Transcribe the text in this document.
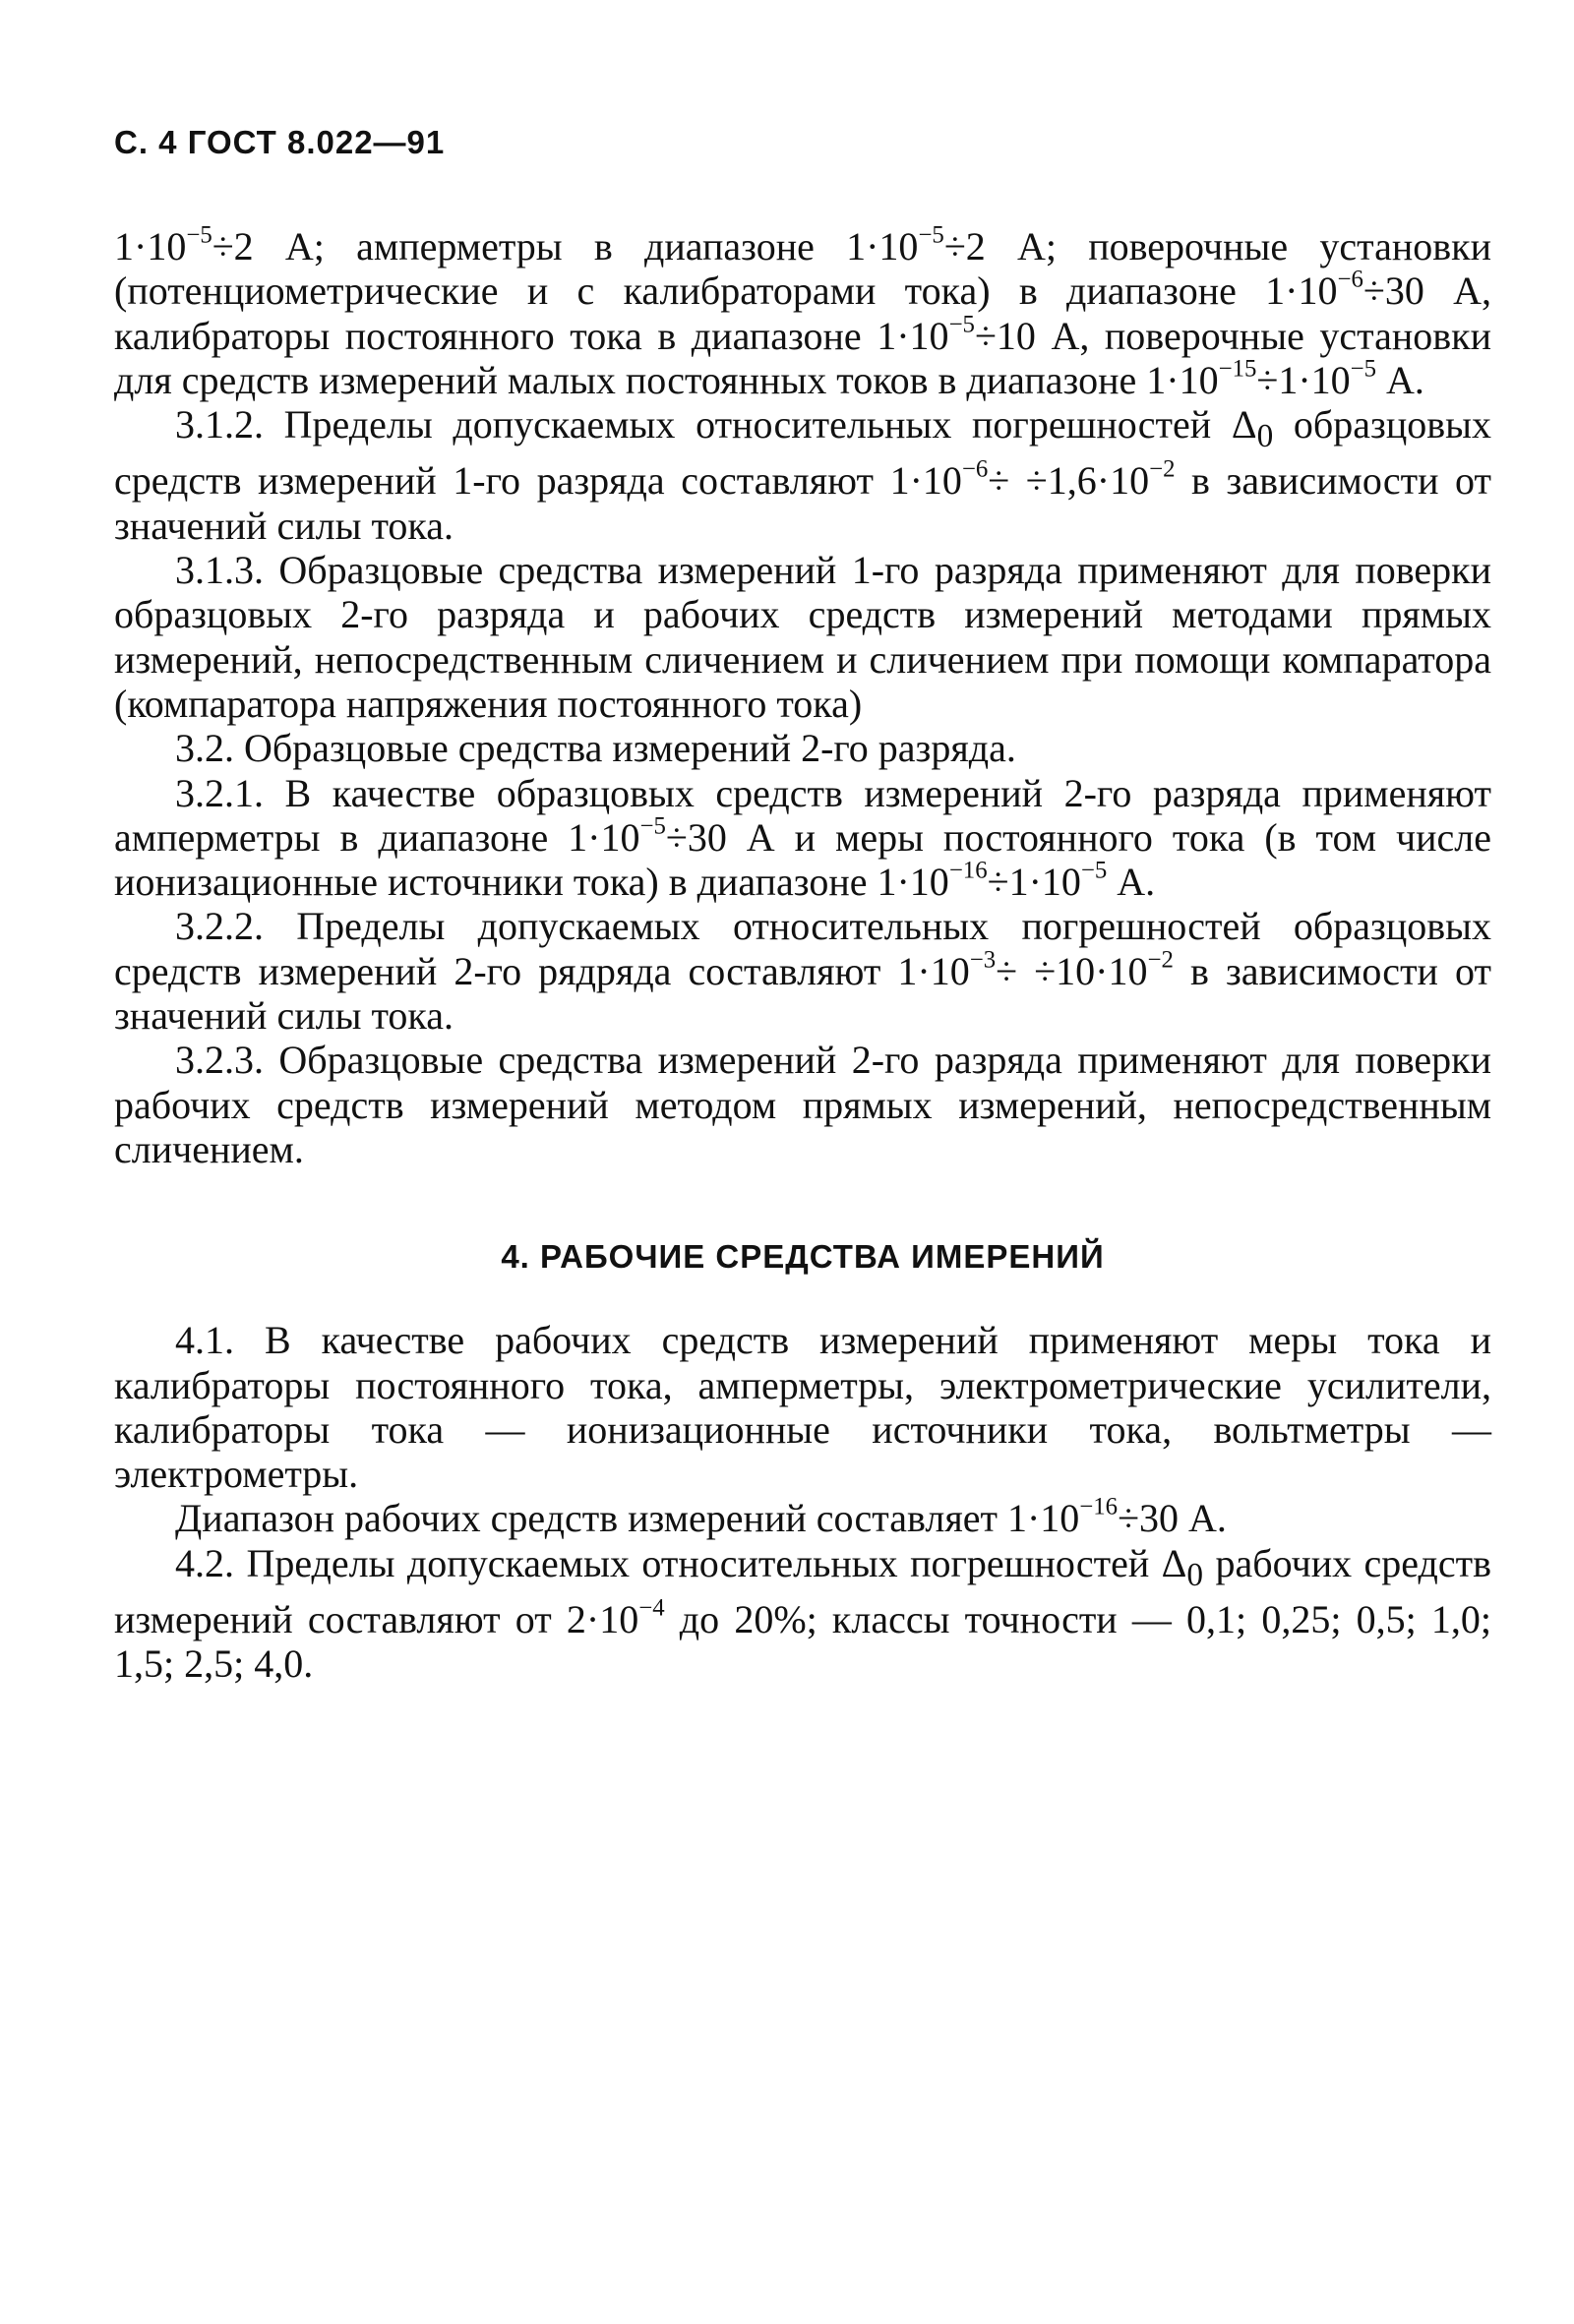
С. 4 ГОСТ 8.022—91

$1\cdot 10^{-5}\div 2$ А; амперметры в диапазоне $1\cdot 10^{-5}\div 2$ А; поверочные установки (потенциометрические и с калибраторами тока) в диапазоне $1\cdot 10^{-6}\div 30$ А, калибраторы постоянного тока в диапазоне $1\cdot 10^{-5}\div 10$ А, поверочные установки для средств измерений малых постоянных токов в диапазоне $1\cdot 10^{-15}\div 1\cdot 10^{-5}$ А.

3.1.2. Пределы допускаемых относительных погрешностей $\Delta_0$ образцовых средств измерений 1-го разряда составляют $1\cdot 10^{-6}\div \div 1,6\cdot 10^{-2}$ в зависимости от значений силы тока.

3.1.3. Образцовые средства измерений 1-го разряда применяют для поверки образцовых 2-го разряда и рабочих средств измерений методами прямых измерений, непосредственным сличением и сличением при помощи компаратора (компаратора напряжения постоянного тока)

3.2. Образцовые средства измерений 2-го разряда.

3.2.1. В качестве образцовых средств измерений 2-го разряда применяют амперметры в диапазоне $1\cdot 10^{-5}\div 30$ А и меры постоянного тока (в том числе ионизационные источники тока) в диапазоне $1\cdot 10^{-16}\div 1\cdot 10^{-5}$ А.

3.2.2. Пределы допускаемых относительных погрешностей образцовых средств измерений 2-го рядряда составляют $1\cdot 10^{-3}\div \div 10\cdot 10^{-2}$ в зависимости от значений силы тока.

3.2.3. Образцовые средства измерений 2-го разряда применяют для поверки рабочих средств измерений методом прямых измерений, непосредственным сличением.

4. РАБОЧИЕ СРЕДСТВА ИМЕРЕНИЙ

4.1. В качестве рабочих средств измерений применяют меры тока и калибраторы постоянного тока, амперметры, электрометрические усилители, калибраторы тока — ионизационные источники тока, вольтметры — электрометры.

Диапазон рабочих средств измерений составляет $1\cdot 10^{-16}\div 30$ А.

4.2. Пределы допускаемых относительных погрешностей $\Delta_0$ рабочих средств измерений составляют от $2\cdot 10^{-4}$ до 20%; классы точности — 0,1; 0,25; 0,5; 1,0; 1,5; 2,5; 4,0.
